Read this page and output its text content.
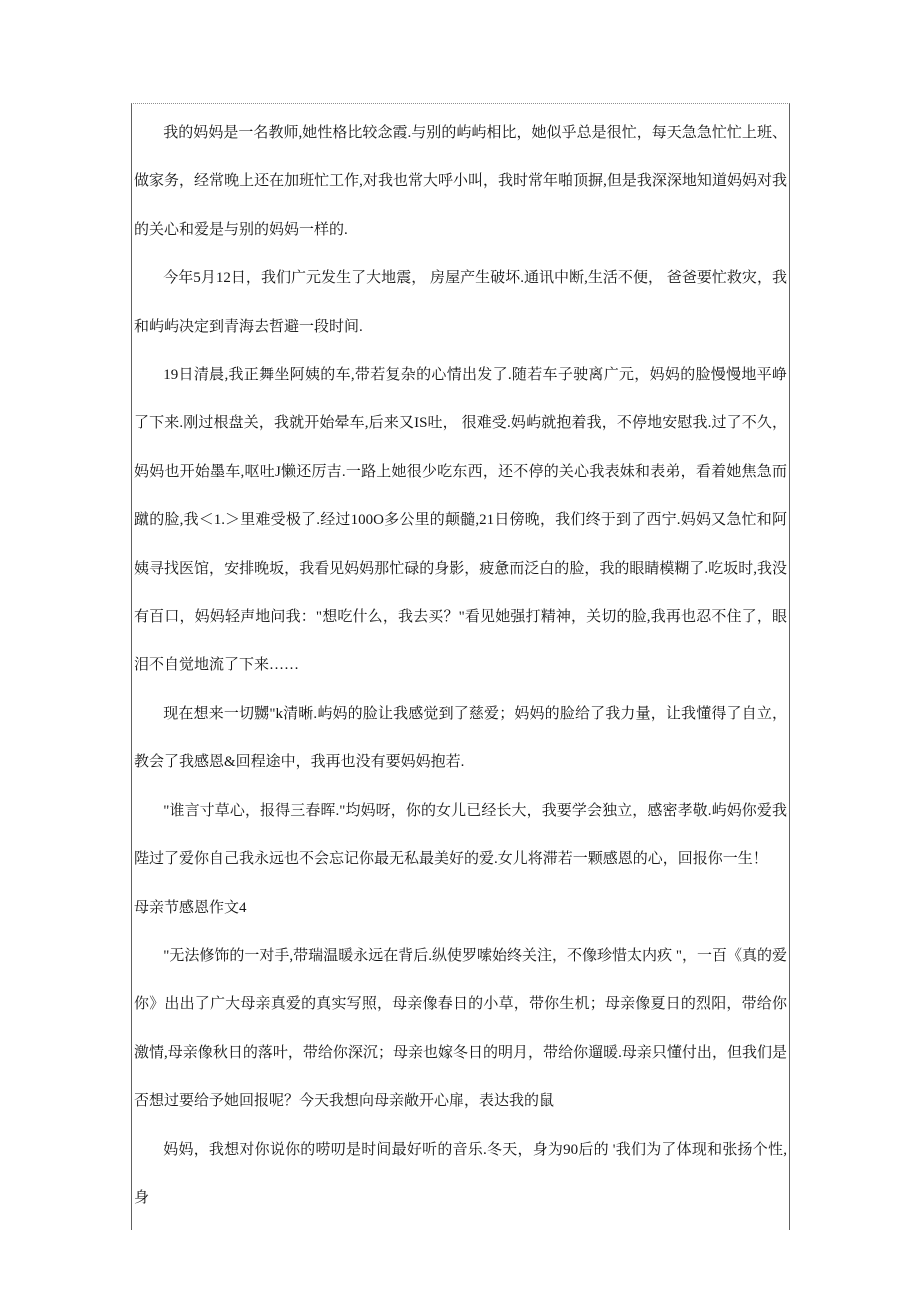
我的妈妈是一名教师,她性格比较念霞.与别的屿屿相比，她似乎总是很忙，每天急急忙忙上班、做家务，经常晚上还在加班忙工作,对我也常大呼小叫，我时常年啪顶摒,但是我深深地知道妈妈对我的关心和爱是与别的妈妈一样的.

今年5月12日，我们广元发生了大地震， 房屋产生破坏.通讯中断,生活不便， 爸爸要忙救灾，我和屿屿决定到青海去哲避一段时间.

19日清晨,我正舞坐阿姨的车,带若复杂的心情出发了.随若车子驶离广元，妈妈的脸慢慢地平峥了下来.刚过根盘关，我就开始晕车,后来又IS吐， 很难受.妈屿就抱着我，不停地安慰我.过了不久，妈妈也开始墨车,呕吐J懒还厉吉.一路上她很少吃东西，还不停的关心我表妹和表弟，看着她焦急而蹴的脸,我＜1.＞里难受极了.经过100O多公里的颠髓,21日傍晚，我们终于到了西宁.妈妈又急忙和阿姨寻找医馆，安排晚坂，我看见妈妈那忙碌的身影，疲惫而泛白的脸，我的眼睛模糊了.吃坂时,我没有百口，妈妈轻声地问我："想吃什么，我去买？"看见她强打精神，关切的脸,我再也忍不住了，眼泪不自觉地流了下来……

现在想来一切嬲"k清晰.屿妈的脸让我感觉到了慈爱；妈妈的脸给了我力量，让我懂得了自立，教会了我感恩&回程途中，我再也没有要妈妈抱若.

"谁言寸草心，报得三春晖."均妈呀，你的女儿已经长大，我要学会独立，感密孝敬.屿妈你爱我陛过了爱你自己我永远也不会忘记你最无私最美好的爱.女儿将滞若一颗感恩的心，回报你一生！

母亲节感恩作文4

"无法修饰的一对手,带瑞温暖永远在背后.纵使罗嗦始终关注，不像珍惜太内疚 "，一百《真的爱你》出出了广大母亲真爱的真实写照，母亲像春日的小草，带你生机；母亲像夏日的烈阳，带给你激情,母亲像秋日的落叶，带给你深沉；母亲也嫁冬日的明月，带给你遛暖.母亲只懂付出，但我们是否想过要给予她回报呢？今天我想向母亲敞开心扉，表达我的鼠

妈妈，我想对你说你的唠叨是时间最好听的音乐.冬天，身为90后的 '我们为了体现和张扬个性,身
